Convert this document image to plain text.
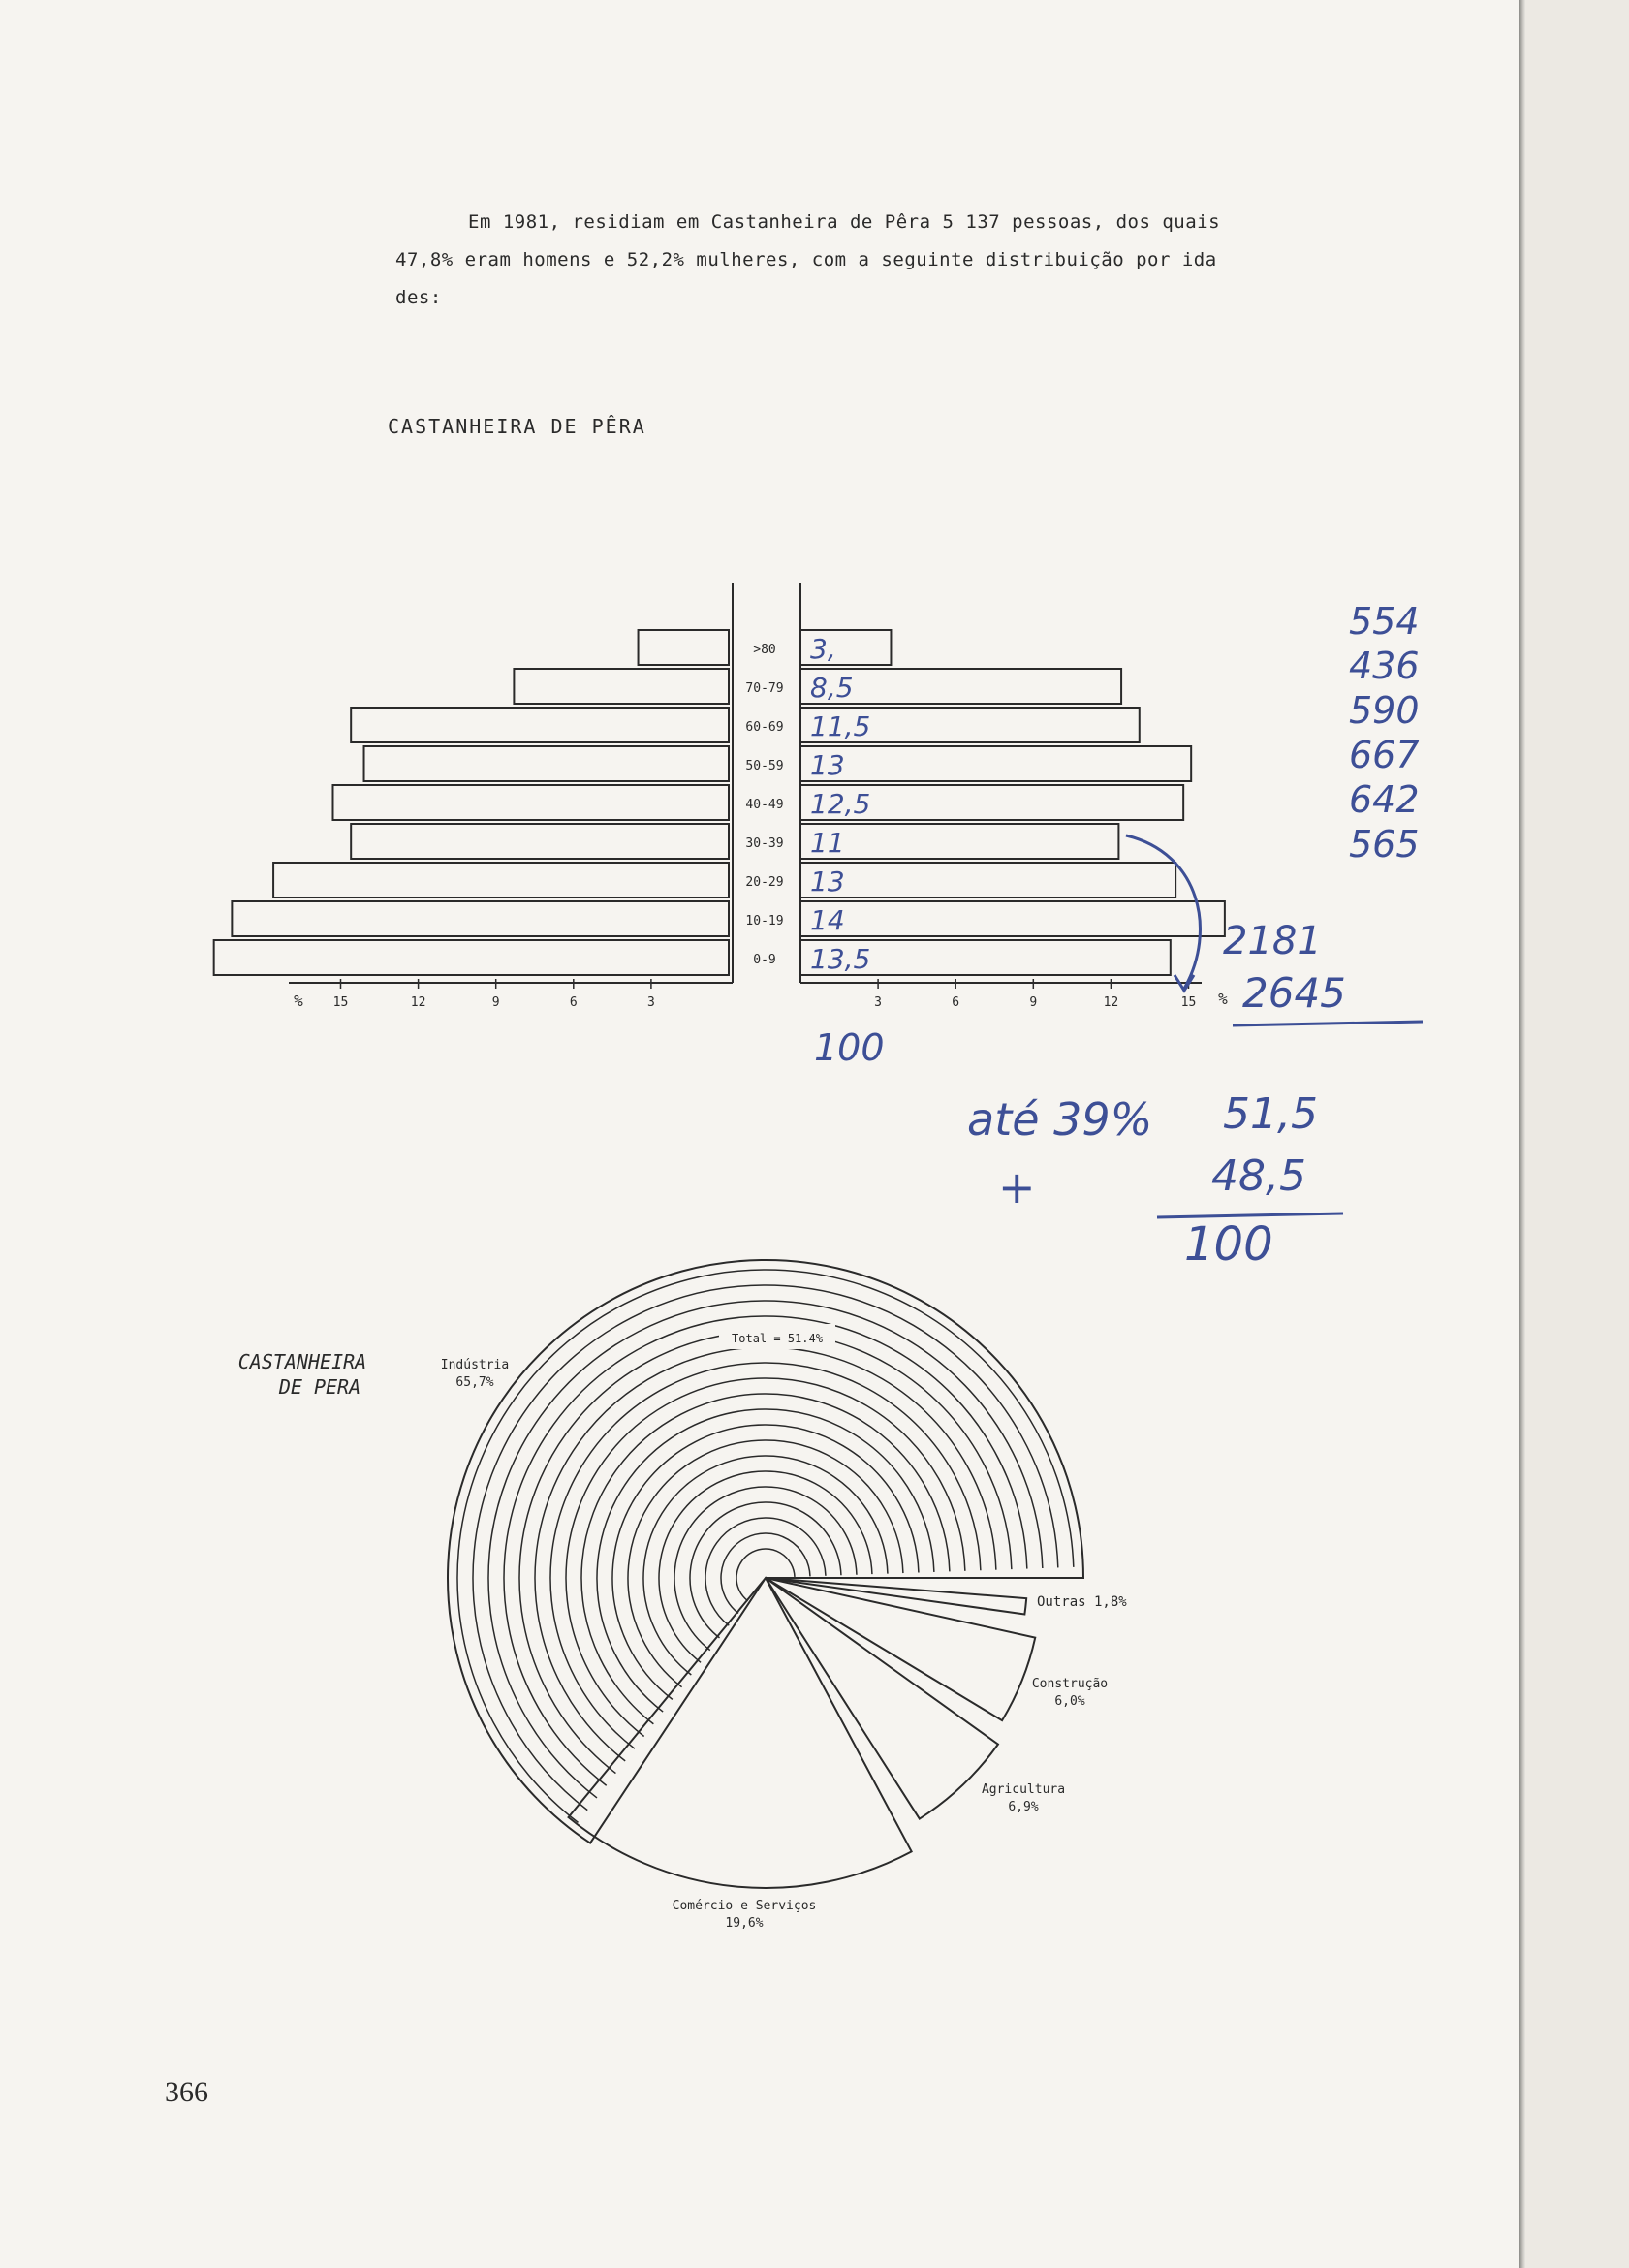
Em 1981, residiam em Castanheira de Pêra 5 137 pessoas, dos quais

47,8% eram homens e 52,2% mulheres, com a seguinte distribuição por ida

des:

CASTANHEIRA DE PÊRA
>80
70-79
60-69
50-59
40-49
30-39
20-29
10-19
0-9
15	12	9	6	3	3	6	9	12	15
%	%
3,
8,5
11,5
13
12,5
11
13
14
13,5
100
Indústria
65,7%
Outras 1,8%
Construção
6,0%
Agricultura
6,9%
Comércio e Serviços
19,6%
Total = 51.4%
CASTANHEIRA
DE PERA
554
436
590
667
642
565
2181
2645
até 39%
+
51,5
48,5
100
366
